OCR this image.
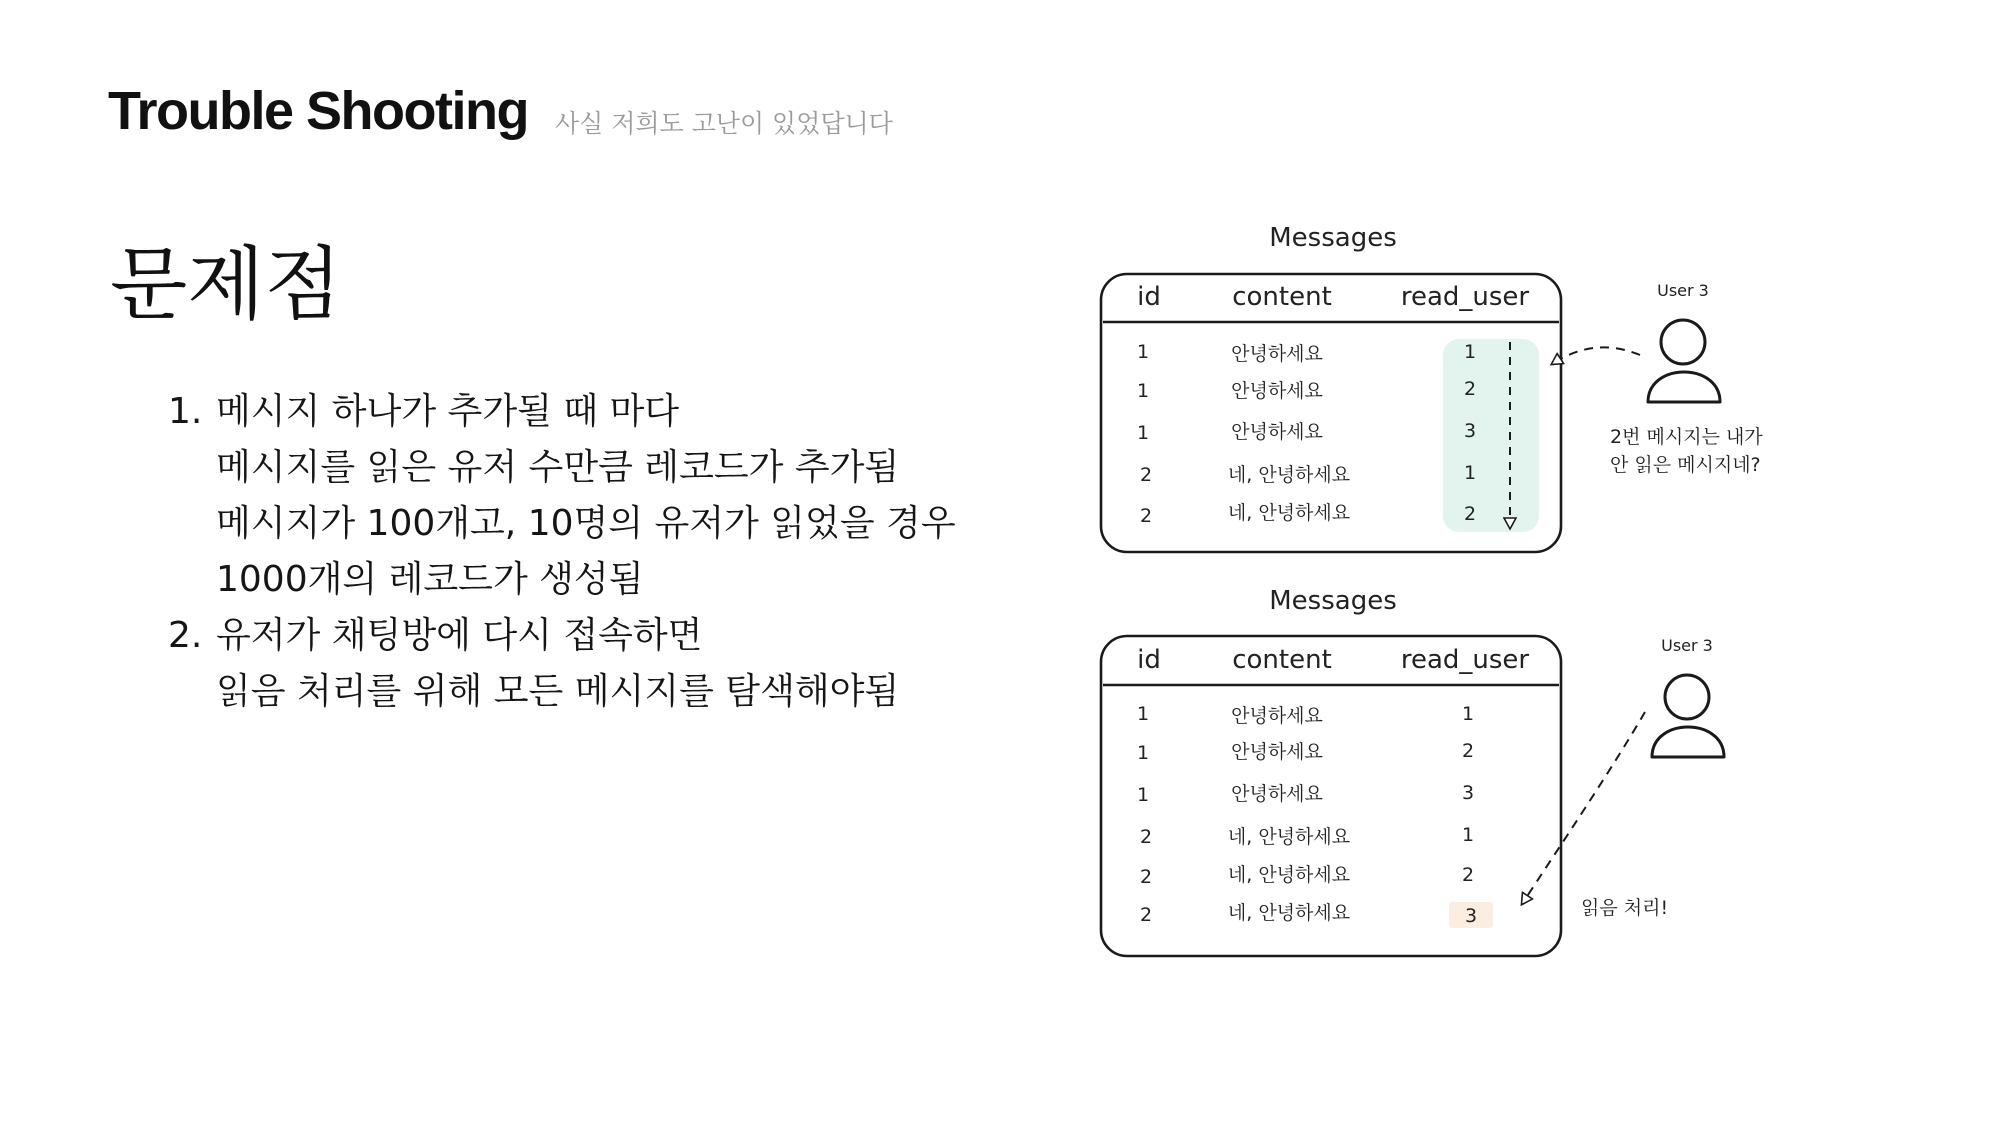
Trouble Shooting 사실 저희도 고난이 있었답니다
문제점
1. 메시지 하나가 추가될 때 마다
메시지를 읽은 유저 수만큼 레코드가 추가됨
메시지가 100개고, 10명의 유저가 읽었을 경우
1000개의 레코드가 생성됨
2. 유저가 채팅방에 다시 접속하면
읽음 처리를 위해 모든 메시지를 탐색해야됨
Messages
id	content	read_user
1	안녕하세요	1
1	안녕하세요	2
1	안녕하세요	3
2	네, 안녕하세요	1
2	네, 안녕하세요	2
User 3
2번 메시지는 내가
안 읽은 메시지네?
Messages
id	content	read_user
1	안녕하세요	1
1	안녕하세요	2
1	안녕하세요	3
2	네, 안녕하세요	1
2	네, 안녕하세요	2
2	네, 안녕하세요	3
User 3
읽음 처리!
